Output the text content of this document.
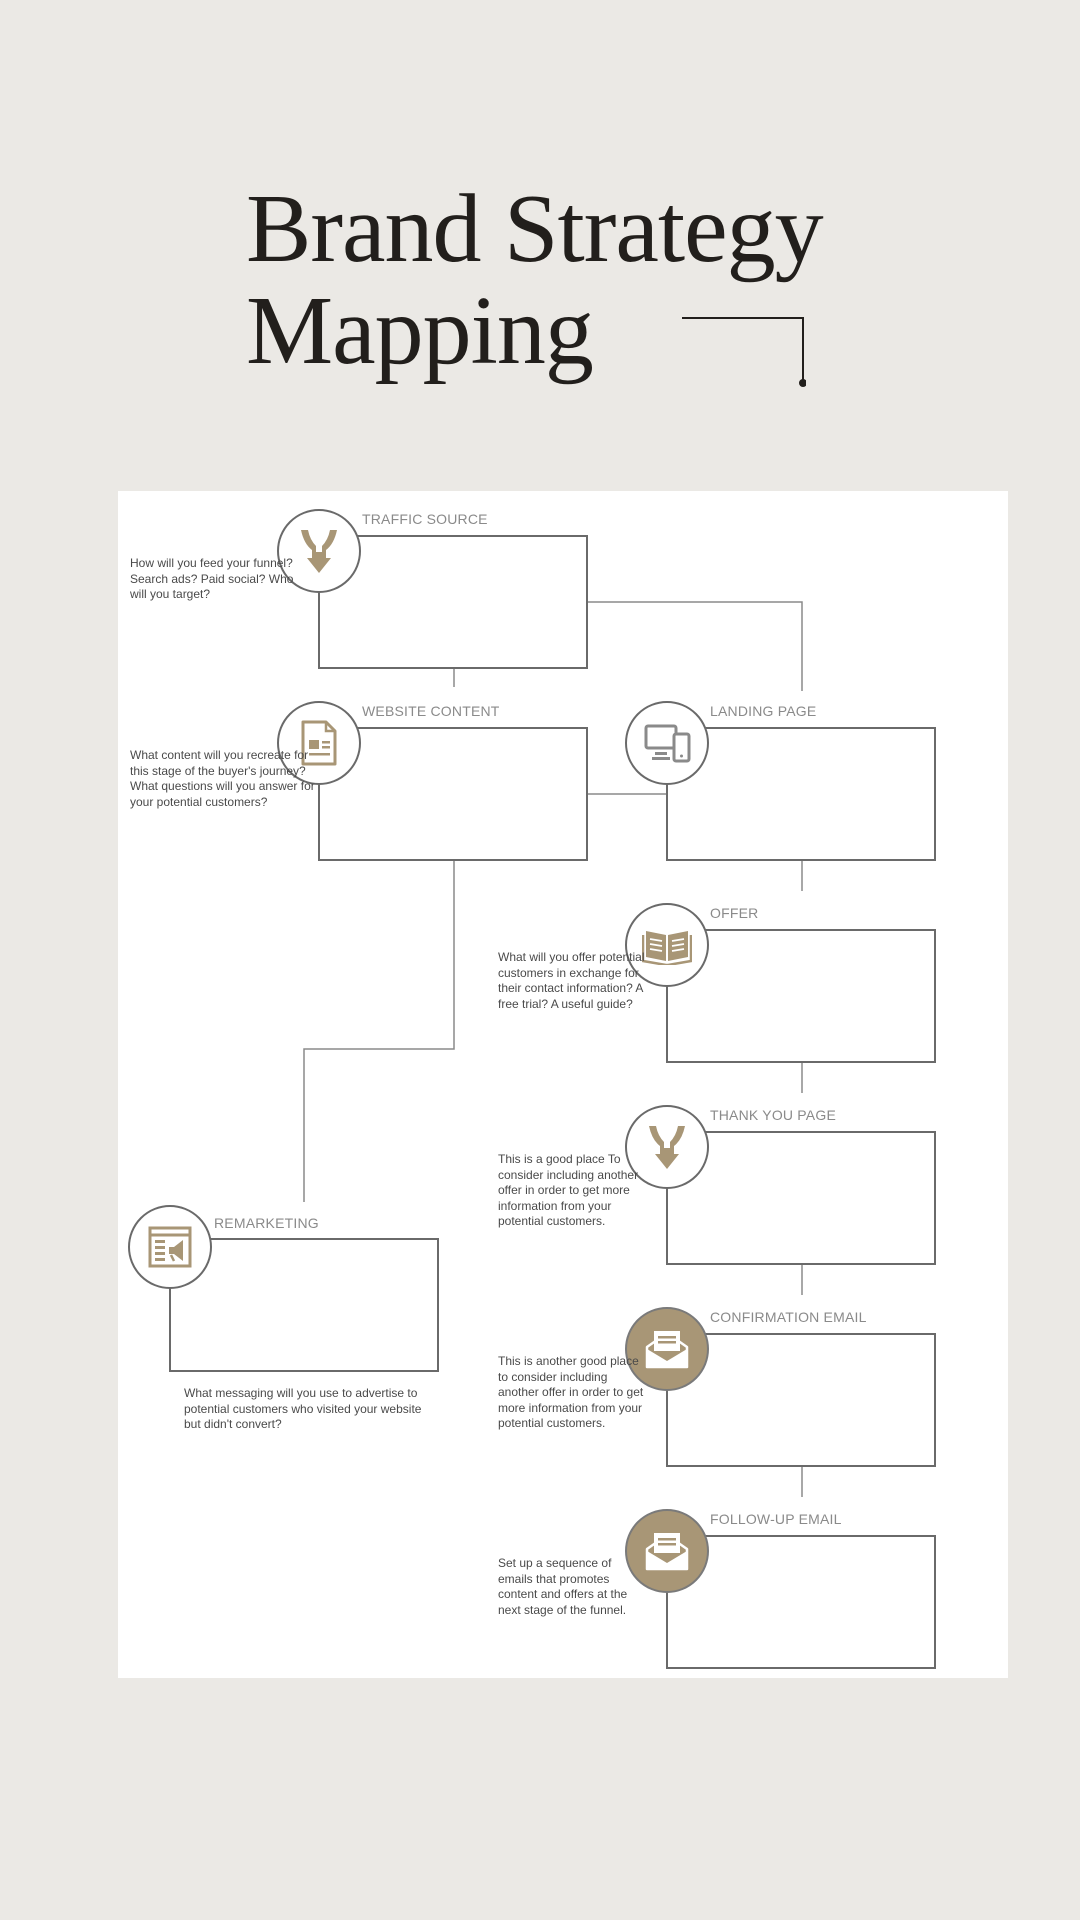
Brand Strategy
Mapping
TRAFFIC SOURCE
How will you feed your funnel? Search ads? Paid social? Who will you target?
WEBSITE CONTENT
What content will you recreate for this stage of the buyer's journey? What questions will you answer for your potential customers?
LANDING PAGE
OFFER
What will you offer potential customers in exchange for their contact information? A free trial? A useful guide?
THANK YOU PAGE
This is a good place To consider including another offer in order to get more information from your potential customers.
CONFIRMATION EMAIL
This is another good place to consider including another offer in order to get more information from your potential customers.
FOLLOW-UP EMAIL
Set up a sequence of emails that promotes content and offers at the next stage of the funnel.
REMARKETING
What messaging will you use to advertise to potential customers who visited your website but didn't convert?
